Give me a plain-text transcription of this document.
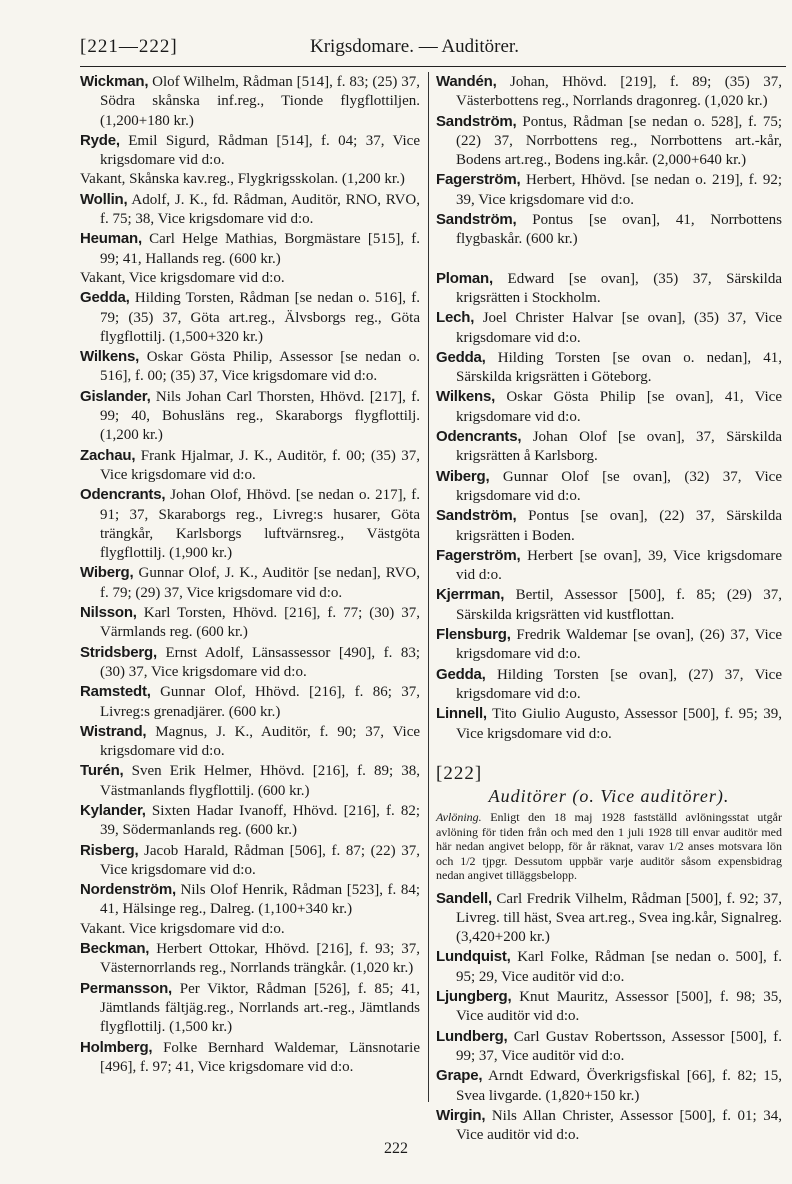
[221—222]	Krigsdomare. — Auditörer.

Wickman, Olof Wilhelm, Rådman [514], f. 83; (25) 37, Södra skånska inf.reg., Tionde flygflottiljen. (1,200+180 kr.)

Ryde, Emil Sigurd, Rådman [514], f. 04; 37, Vice krigsdomare vid d:o.

Vakant, Skånska kav.reg., Flygkrigsskolan. (1,200 kr.)

Wollin, Adolf, J. K., fd. Rådman, Auditör, RNO, RVO, f. 75; 38, Vice krigsdomare vid d:o.

Heuman, Carl Helge Mathias, Borgmästare [515], f. 99; 41, Hallands reg. (600 kr.)

Vakant, Vice krigsdomare vid d:o.

Gedda, Hilding Torsten, Rådman [se nedan o. 516], f. 79; (35) 37, Göta art.reg., Älvsborgs reg., Göta flygflottilj. (1,500+320 kr.)

Wilkens, Oskar Gösta Philip, Assessor [se nedan o. 516], f. 00; (35) 37, Vice krigsdomare vid d:o.

Gislander, Nils Johan Carl Thorsten, Hhövd. [217], f. 99; 40, Bohusläns reg., Skaraborgs flygflottilj. (1,200 kr.)

Zachau, Frank Hjalmar, J. K., Auditör, f. 00; (35) 37, Vice krigsdomare vid d:o.

Odencrants, Johan Olof, Hhövd. [se nedan o. 217], f. 91; 37, Skaraborgs reg., Livreg:s husarer, Göta trängkår, Karlsborgs luftvärnsreg., Västgöta flygflottilj. (1,900 kr.)

Wiberg, Gunnar Olof, J. K., Auditör [se nedan], RVO, f. 79; (29) 37, Vice krigsdomare vid d:o.

Nilsson, Karl Torsten, Hhövd. [216], f. 77; (30) 37, Värmlands reg. (600 kr.)

Stridsberg, Ernst Adolf, Länsassessor [490], f. 83; (30) 37, Vice krigsdomare vid d:o.

Ramstedt, Gunnar Olof, Hhövd. [216], f. 86; 37, Livreg:s grenadjärer. (600 kr.)

Wistrand, Magnus, J. K., Auditör, f. 90; 37, Vice krigsdomare vid d:o.

Turén, Sven Erik Helmer, Hhövd. [216], f. 89; 38, Västmanlands flygflottilj. (600 kr.)

Kylander, Sixten Hadar Ivanoff, Hhövd. [216], f. 82; 39, Södermanlands reg. (600 kr.)

Risberg, Jacob Harald, Rådman [506], f. 87; (22) 37, Vice krigsdomare vid d:o.

Nordenström, Nils Olof Henrik, Rådman [523], f. 84; 41, Hälsinge reg., Dalreg. (1,100+340 kr.)

Vakant. Vice krigsdomare vid d:o.

Beckman, Herbert Ottokar, Hhövd. [216], f. 93; 37, Västernorrlands reg., Norrlands trängkår. (1,020 kr.)

Permansson, Per Viktor, Rådman [526], f. 85; 41, Jämtlands fältjäg.reg., Norrlands art.-reg., Jämtlands flygflottilj. (1,500 kr.)

Holmberg, Folke Bernhard Waldemar, Länsnotarie [496], f. 97; 41, Vice krigsdomare vid d:o.

Wandén, Johan, Hhövd. [219], f. 89; (35) 37, Västerbottens reg., Norrlands dragonreg. (1,020 kr.)

Sandström, Pontus, Rådman [se nedan o. 528], f. 75; (22) 37, Norrbottens reg., Norrbottens art.-kår, Bodens art.reg., Bodens ing.kår. (2,000+640 kr.)

Fagerström, Herbert, Hhövd. [se nedan o. 219], f. 92; 39, Vice krigsdomare vid d:o.

Sandström, Pontus [se ovan], 41, Norrbottens flygbaskår. (600 kr.)

Ploman, Edward [se ovan], (35) 37, Särskilda krigsrätten i Stockholm.

Lech, Joel Christer Halvar [se ovan], (35) 37, Vice krigsdomare vid d:o.

Gedda, Hilding Torsten [se ovan o. nedan], 41, Särskilda krigsrätten i Göteborg.

Wilkens, Oskar Gösta Philip [se ovan], 41, Vice krigsdomare vid d:o.

Odencrants, Johan Olof [se ovan], 37, Särskilda krigsrätten å Karlsborg.

Wiberg, Gunnar Olof [se ovan], (32) 37, Vice krigsdomare vid d:o.

Sandström, Pontus [se ovan], (22) 37, Särskilda krigsrätten i Boden.

Fagerström, Herbert [se ovan], 39, Vice krigsdomare vid d:o.

Kjerrman, Bertil, Assessor [500], f. 85; (29) 37, Särskilda krigsrätten vid kustflottan.

Flensburg, Fredrik Waldemar [se ovan], (26) 37, Vice krigsdomare vid d:o.

Gedda, Hilding Torsten [se ovan], (27) 37, Vice krigsdomare vid d:o.

Linnell, Tito Giulio Augusto, Assessor [500], f. 95; 39, Vice krigsdomare vid d:o.

[222]

Auditörer (o. Vice auditörer).

Avlöning. Enligt den 18 maj 1928 fastställd avlöningsstat utgår avlöning för tiden från och med den 1 juli 1928 till envar auditör med här nedan angivet belopp, för år räknat, varav 1/2 anses motsvara lön och 1/2 tjpgr. Dessutom uppbär varje auditör såsom expensbidrag nedan angivet tilläggsbelopp.

Sandell, Carl Fredrik Vilhelm, Rådman [500], f. 92; 37, Livreg. till häst, Svea art.reg., Svea ing.kår, Signalreg. (3,420+200 kr.)

Lundquist, Karl Folke, Rådman [se nedan o. 500], f. 95; 29, Vice auditör vid d:o.

Ljungberg, Knut Mauritz, Assessor [500], f. 98; 35, Vice auditör vid d:o.

Lundberg, Carl Gustav Robertsson, Assessor [500], f. 99; 37, Vice auditör vid d:o.

Grape, Arndt Edward, Överkrigsfiskal [66], f. 82; 15, Svea livgarde. (1,820+150 kr.)

Wirgin, Nils Allan Christer, Assessor [500], f. 01; 34, Vice auditör vid d:o.

222
